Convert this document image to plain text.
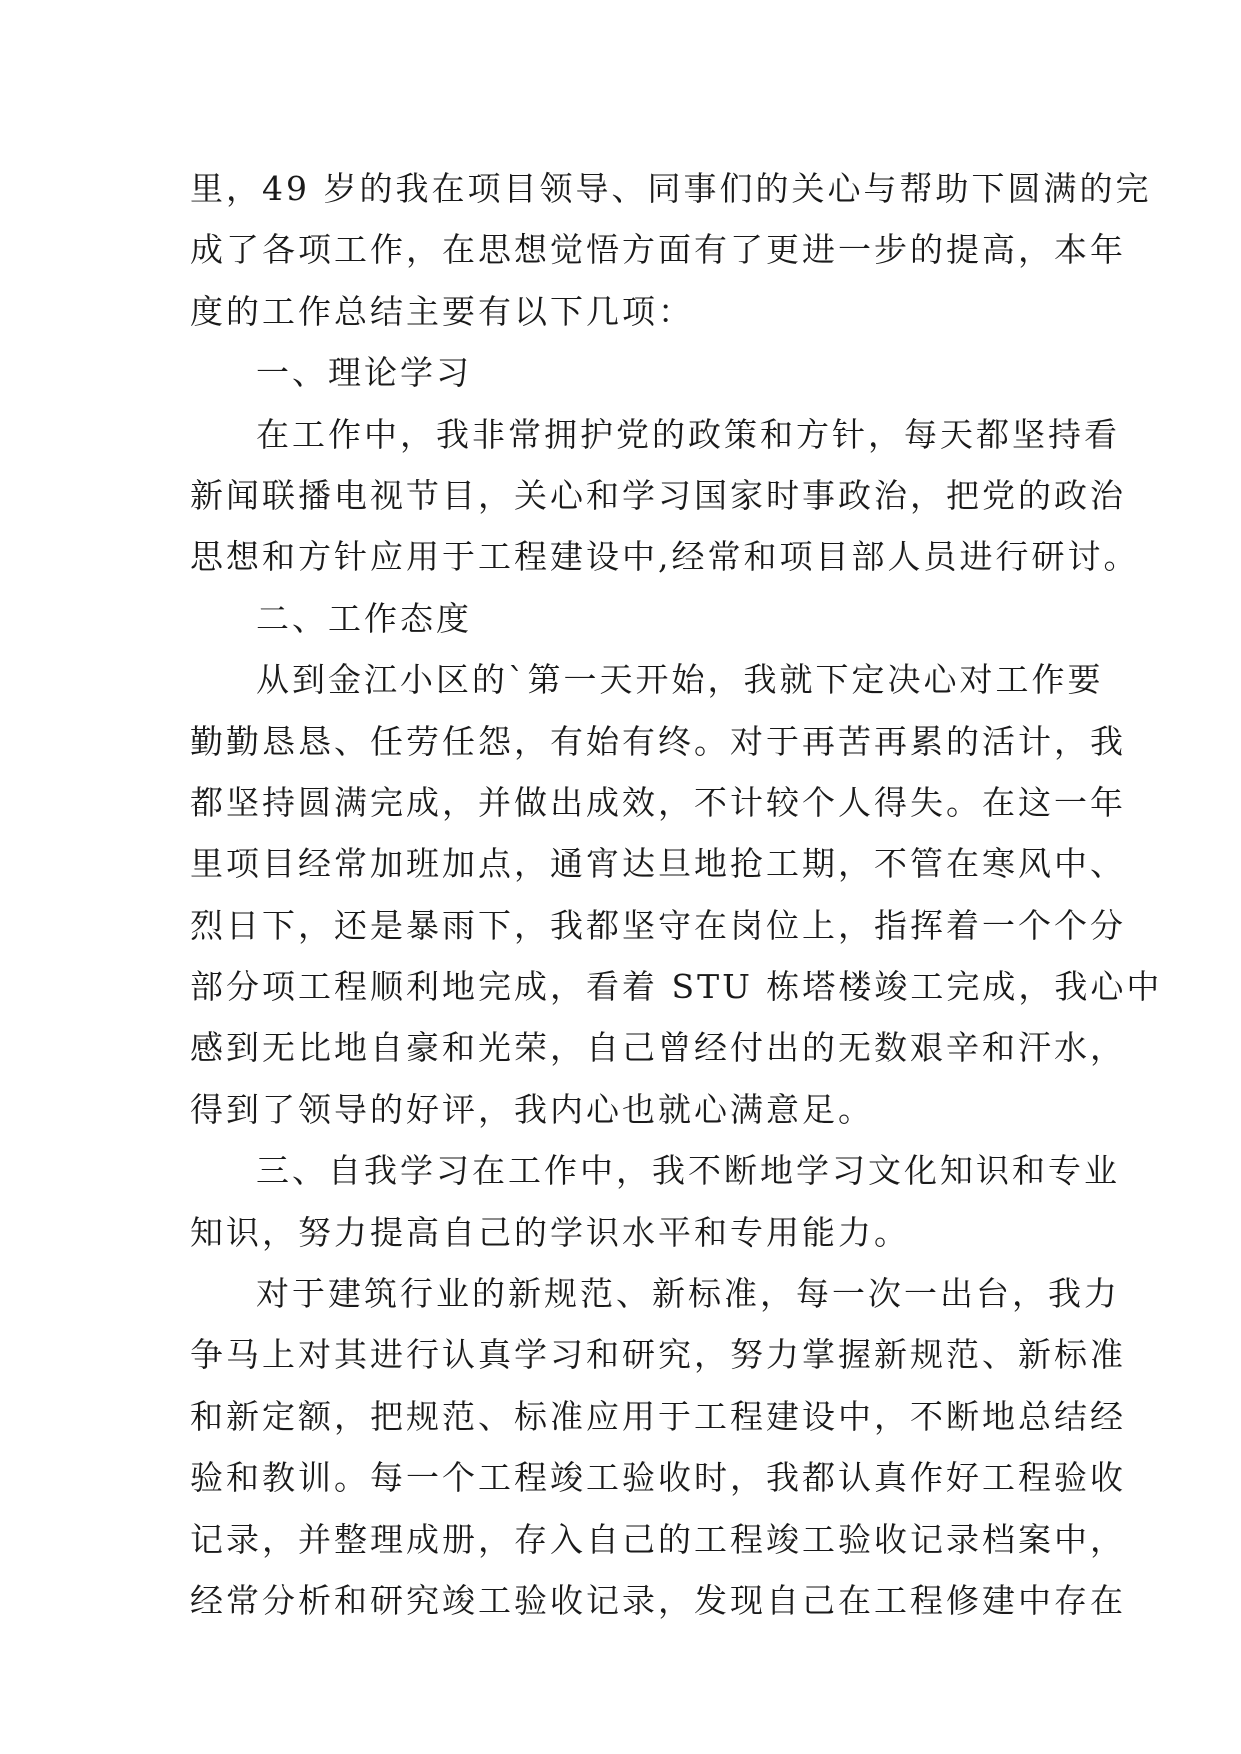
里，49 岁的我在项目领导、同事们的关心与帮助下圆满的完
成了各项工作，在思想觉悟方面有了更进一步的提高，本年
度的工作总结主要有以下几项：
一、理论学习
在工作中，我非常拥护党的政策和方针，每天都坚持看
新闻联播电视节目，关心和学习国家时事政治，把党的政治
思想和方针应用于工程建设中,经常和项目部人员进行研讨。
二、工作态度
从到金江小区的`第一天开始，我就下定决心对工作要
勤勤恳恳、任劳任怨，有始有终。对于再苦再累的活计，我
都坚持圆满完成，并做出成效，不计较个人得失。在这一年
里项目经常加班加点，通宵达旦地抢工期，不管在寒风中、
烈日下，还是暴雨下，我都坚守在岗位上，指挥着一个个分
部分项工程顺利地完成，看着 STU 栋塔楼竣工完成，我心中
感到无比地自豪和光荣，自己曾经付出的无数艰辛和汗水，
得到了领导的好评，我内心也就心满意足。
三、自我学习在工作中，我不断地学习文化知识和专业
知识，努力提高自己的学识水平和专用能力。
对于建筑行业的新规范、新标准，每一次一出台，我力
争马上对其进行认真学习和研究，努力掌握新规范、新标准
和新定额，把规范、标准应用于工程建设中，不断地总结经
验和教训。每一个工程竣工验收时，我都认真作好工程验收
记录，并整理成册，存入自己的工程竣工验收记录档案中，
经常分析和研究竣工验收记录，发现自己在工程修建中存在
